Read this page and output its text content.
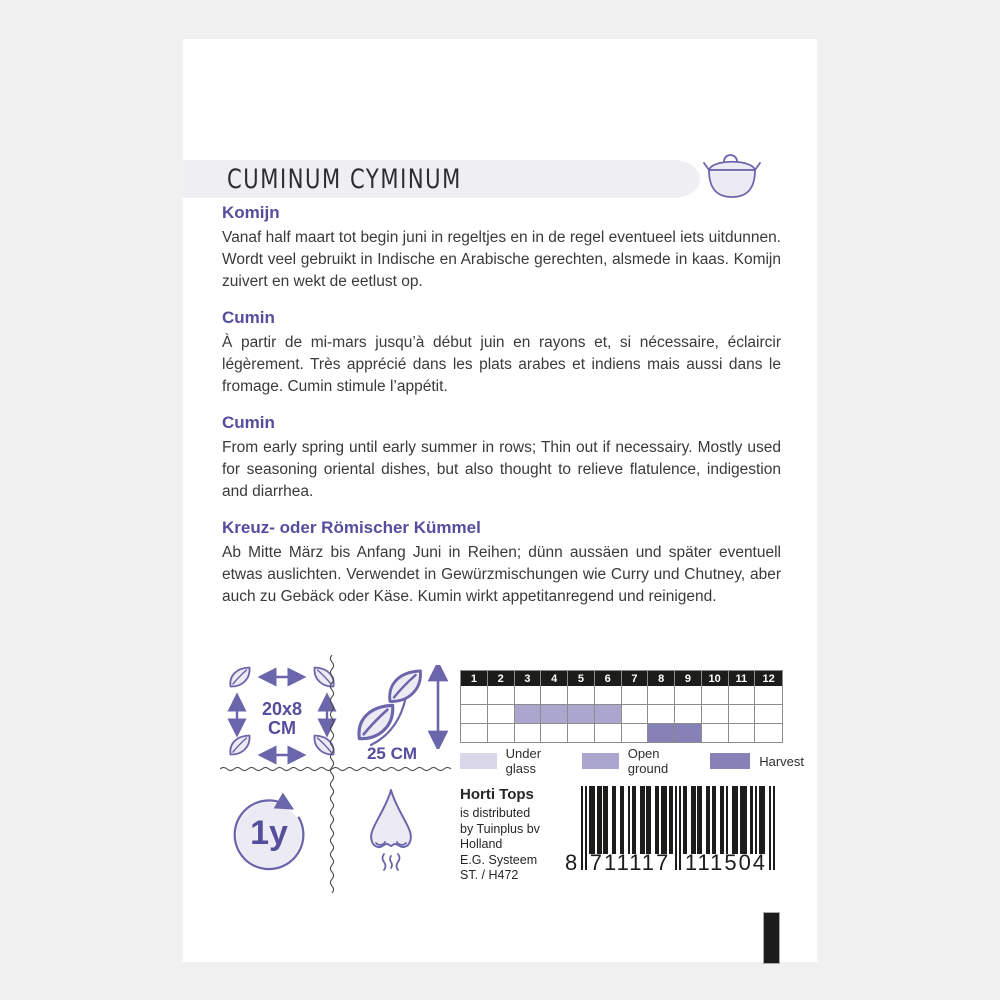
CUMINUM CYMINUM
Komijn

Vanaf half maart tot begin juni in regeltjes en in de regel eventueel iets uitdunnen. Wordt veel gebruikt in Indische en Arabische gerechten, alsmede in kaas. Komijn zuivert en wekt de eetlust op.

Cumin

À partir de mi-mars jusqu’à début juin en rayons et, si nécessaire, éclaircir légèrement. Très apprécié dans les plats arabes et indiens mais aussi dans le fromage. Cumin stimule l’appétit.

Cumin

From early spring until early summer in rows; Thin out if necessairy. Mostly used for seasoning oriental dishes, but also thought to relieve flatulence, indigestion and diarrhea.

Kreuz- oder Römischer Kümmel

Ab Mitte März bis Anfang Juni in Reihen; dünn aussäen und später eventuell etwas auslichten. Verwendet in Gewürzmischungen wie Curry und Chutney, aber auch zu Gebäck oder Käse. Kumin wirkt appetitanregend und reinigend.

20x8
CM
25 CM
1y
1	2	3	4	5	6	7	8	9	10	11	12
Under glass
Open ground	Harvest
Horti Tops
is distributed
by Tuinplus bv
Holland
E.G. Systeem
ST. / H472	8 711117 111504
